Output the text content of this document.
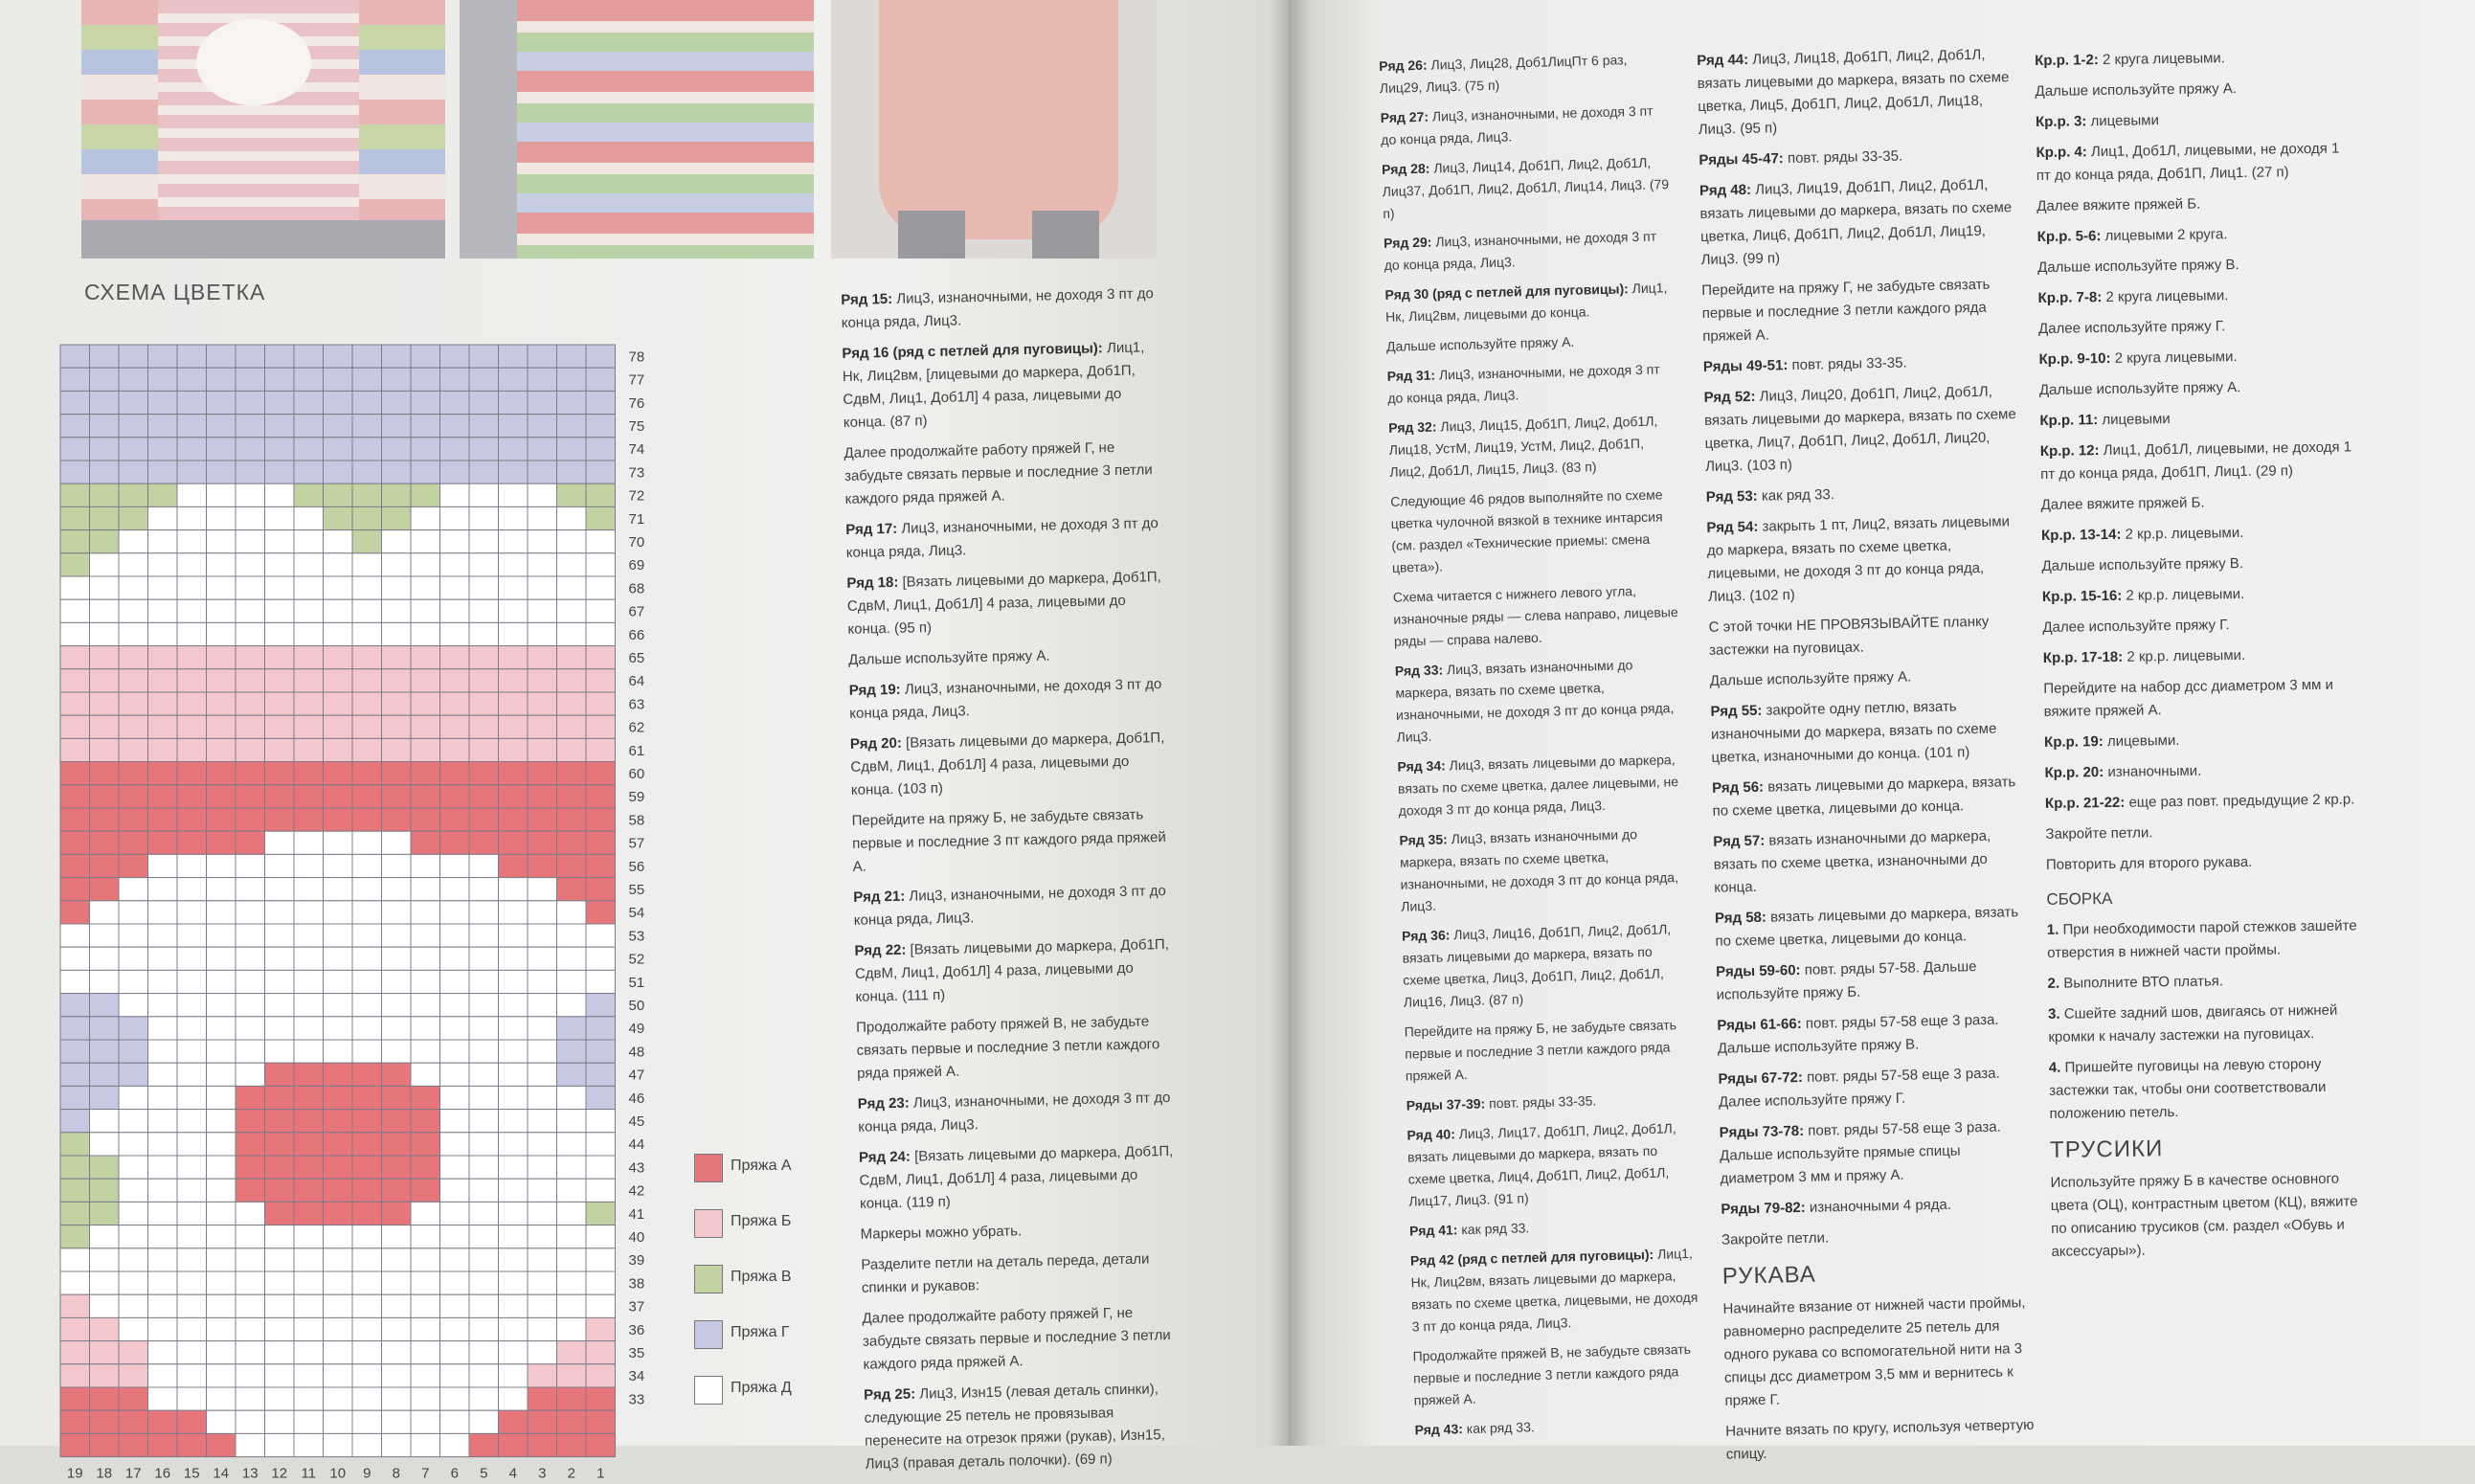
СХЕМА ЦВЕТКА
78
77
76
75
74
73
72
71
70
69
68
67
66
65
64
63
62
61
60
59
58
57
56
55
54
53
52
51
50
49
48
47
46
45
44
43
42
41
40
39
38
37
36
35
34
33
19 18 17 16 15 14 13 12 11 10 9 8 7 6 5 4 3 2 1
Пряжа А
Пряжа Б
Пряжа В
Пряжа Г
Пряжа Д

Ряд 15: Лиц3, изнаночными, не доходя 3 пт до конца ряда, Лиц3.

Ряд 16 (ряд с петлей для пуговицы): Лиц1, Нк, Лиц2вм, [лицевыми до маркера, Доб1П, СдвМ, Лиц1, Доб1Л] 4 раза, лицевыми до конца. (87 п)

Далее продолжайте работу пряжей Г, не забудьте связать первые и последние 3 петли каждого ряда пряжей А.

Ряд 17: Лиц3, изнаночными, не доходя 3 пт до конца ряда, Лиц3.

Ряд 18: [Вязать лицевыми до маркера, Доб1П, СдвМ, Лиц1, Доб1Л] 4 раза, лицевыми до конца. (95 п)

Дальше используйте пряжу А.

Ряд 19: Лиц3, изнаночными, не доходя 3 пт до конца ряда, Лиц3.

Ряд 20: [Вязать лицевыми до маркера, Доб1П, СдвМ, Лиц1, Доб1Л] 4 раза, лицевыми до конца. (103 п)

Перейдите на пряжу Б, не забудьте связать первые и последние 3 пт каждого ряда пряжей А.

Ряд 21: Лиц3, изнаночными, не доходя 3 пт до конца ряда, Лиц3.

Ряд 22: [Вязать лицевыми до маркера, Доб1П, СдвМ, Лиц1, Доб1Л] 4 раза, лицевыми до конца. (111 п)

Продолжайте работу пряжей В, не забудьте связать первые и последние 3 петли каждого ряда пряжей А.

Ряд 23: Лиц3, изнаночными, не доходя 3 пт до конца ряда, Лиц3.

Ряд 24: [Вязать лицевыми до маркера, Доб1П, СдвМ, Лиц1, Доб1Л] 4 раза, лицевыми до конца. (119 п)

Маркеры можно убрать.

Разделите петли на деталь переда, детали спинки и рукавов:

Далее продолжайте работу пряжей Г, не забудьте связать первые и последние 3 петли каждого ряда пряжей А.

Ряд 25: Лиц3, Изн15 (левая деталь спинки), следующие 25 петель не провязывая перенесите на отрезок пряжи (рукав), Изн15, Лиц3 (правая деталь полочки). (69 п)

Ряд 26: Лиц3, Лиц28, Доб1ЛицПт 6 раз, Лиц29, Лиц3. (75 п)

Ряд 27: Лиц3, изнаночными, не доходя 3 пт до конца ряда, Лиц3.

Ряд 28: Лиц3, Лиц14, Доб1П, Лиц2, Доб1Л, Лиц37, Доб1П, Лиц2, Доб1Л, Лиц14, Лиц3. (79 п)

Ряд 29: Лиц3, изнаночными, не доходя 3 пт до конца ряда, Лиц3.

Ряд 30 (ряд с петлей для пуговицы): Лиц1, Нк, Лиц2вм, лицевыми до конца.

Дальше используйте пряжу А.

Ряд 31: Лиц3, изнаночными, не доходя 3 пт до конца ряда, Лиц3.

Ряд 32: Лиц3, Лиц15, Доб1П, Лиц2, Доб1Л, Лиц18, УстМ, Лиц19, УстМ, Лиц2, Доб1П, Лиц2, Доб1Л, Лиц15, Лиц3. (83 п)

Следующие 46 рядов выполняйте по схеме цветка чулочной вязкой в технике интарсия (см. раздел «Технические приемы: смена цвета»).

Схема читается с нижнего левого угла, изнаночные ряды — слева направо, лицевые ряды — справа налево.

Ряд 33: Лиц3, вязать изнаночными до маркера, вязать по схеме цветка, изнаночными, не доходя 3 пт до конца ряда, Лиц3.

Ряд 34: Лиц3, вязать лицевыми до маркера, вязать по схеме цветка, далее лицевыми, не доходя 3 пт до конца ряда, Лиц3.

Ряд 35: Лиц3, вязать изнаночными до маркера, вязать по схеме цветка, изнаночными, не доходя 3 пт до конца ряда, Лиц3.

Ряд 36: Лиц3, Лиц16, Доб1П, Лиц2, Доб1Л, вязать лицевыми до маркера, вязать по схеме цветка, Лиц3, Доб1П, Лиц2, Доб1Л, Лиц16, Лиц3. (87 п)

Перейдите на пряжу Б, не забудьте связать первые и последние 3 петли каждого ряда пряжей А.

Ряды 37-39: повт. ряды 33-35.

Ряд 40: Лиц3, Лиц17, Доб1П, Лиц2, Доб1Л, вязать лицевыми до маркера, вязать по схеме цветка, Лиц4, Доб1П, Лиц2, Доб1Л, Лиц17, Лиц3. (91 п)

Ряд 41: как ряд 33.

Ряд 42 (ряд с петлей для пуговицы): Лиц1, Нк, Лиц2вм, вязать лицевыми до маркера, вязать по схеме цветка, лицевыми, не доходя 3 пт до конца ряда, Лиц3.

Продолжайте пряжей В, не забудьте связать первые и последние 3 петли каждого ряда пряжей А.

Ряд 43: как ряд 33.

Ряд 44: Лиц3, Лиц18, Доб1П, Лиц2, Доб1Л, вязать лицевыми до маркера, вязать по схеме цветка, Лиц5, Доб1П, Лиц2, Доб1Л, Лиц18, Лиц3. (95 п)

Ряды 45-47: повт. ряды 33-35.

Ряд 48: Лиц3, Лиц19, Доб1П, Лиц2, Доб1Л, вязать лицевыми до маркера, вязать по схеме цветка, Лиц6, Доб1П, Лиц2, Доб1Л, Лиц19, Лиц3. (99 п)

Перейдите на пряжу Г, не забудьте связать первые и последние 3 петли каждого ряда пряжей А.

Ряды 49-51: повт. ряды 33-35.

Ряд 52: Лиц3, Лиц20, Доб1П, Лиц2, Доб1Л, вязать лицевыми до маркера, вязать по схеме цветка, Лиц7, Доб1П, Лиц2, Доб1Л, Лиц20, Лиц3. (103 п)

Ряд 53: как ряд 33.

Ряд 54: закрыть 1 пт, Лиц2, вязать лицевыми до маркера, вязать по схеме цветка, лицевыми, не доходя 3 пт до конца ряда, Лиц3. (102 п)

С этой точки НЕ ПРОВЯЗЫВАЙТЕ планку застежки на пуговицах.

Дальше используйте пряжу А.

Ряд 55: закройте одну петлю, вязать изнаночными до маркера, вязать по схеме цветка, изнаночными до конца. (101 п)

Ряд 56: вязать лицевыми до маркера, вязать по схеме цветка, лицевыми до конца.

Ряд 57: вязать изнаночными до маркера, вязать по схеме цветка, изнаночными до конца.

Ряд 58: вязать лицевыми до маркера, вязать по схеме цветка, лицевыми до конца.

Ряды 59-60: повт. ряды 57-58. Дальше используйте пряжу Б.

Ряды 61-66: повт. ряды 57-58 еще 3 раза. Дальше используйте пряжу В.

Ряды 67-72: повт. ряды 57-58 еще 3 раза. Далее используйте пряжу Г.

Ряды 73-78: повт. ряды 57-58 еще 3 раза. Дальше используйте прямые спицы диаметром 3 мм и пряжу А.

Ряды 79-82: изнаночными 4 ряда.

Закройте петли.

РУКАВА

Начинайте вязание от нижней части проймы, равномерно распределите 25 петель для одного рукава со вспомогательной нити на 3 спицы дсс диаметром 3,5 мм и вернитесь к пряже Г.

Начните вязать по кругу, используя четвертую спицу.

Кр.р. 1-2: 2 круга лицевыми.

Дальше используйте пряжу А.

Кр.р. 3: лицевыми

Кр.р. 4: Лиц1, Доб1Л, лицевыми, не доходя 1 пт до конца ряда, Доб1П, Лиц1. (27 п)

Далее вяжите пряжей Б.

Кр.р. 5-6: лицевыми 2 круга.

Дальше используйте пряжу В.

Кр.р. 7-8: 2 круга лицевыми.

Далее используйте пряжу Г.

Кр.р. 9-10: 2 круга лицевыми.

Дальше используйте пряжу А.

Кр.р. 11: лицевыми

Кр.р. 12: Лиц1, Доб1Л, лицевыми, не доходя 1 пт до конца ряда, Доб1П, Лиц1. (29 п)

Далее вяжите пряжей Б.

Кр.р. 13-14: 2 кр.р. лицевыми.

Дальше используйте пряжу В.

Кр.р. 15-16: 2 кр.р. лицевыми.

Далее используйте пряжу Г.

Кр.р. 17-18: 2 кр.р. лицевыми.

Перейдите на набор дсс диаметром 3 мм и вяжите пряжей А.

Кр.р. 19: лицевыми.

Кр.р. 20: изнаночными.

Кр.р. 21-22: еще раз повт. предыдущие 2 кр.р.

Закройте петли.

Повторить для второго рукава.

СБОРКА

1. При необходимости парой стежков зашейте отверстия в нижней части проймы.

2. Выполните ВТО платья.

3. Сшейте задний шов, двигаясь от нижней кромки к началу застежки на пуговицах.

4. Пришейте пуговицы на левую сторону застежки так, чтобы они соответствовали положению петель.

ТРУСИКИ

Используйте пряжу Б в качестве основного цвета (ОЦ), контрастным цветом (КЦ), вяжите по описанию трусиков (см. раздел «Обувь и аксессуары»).
